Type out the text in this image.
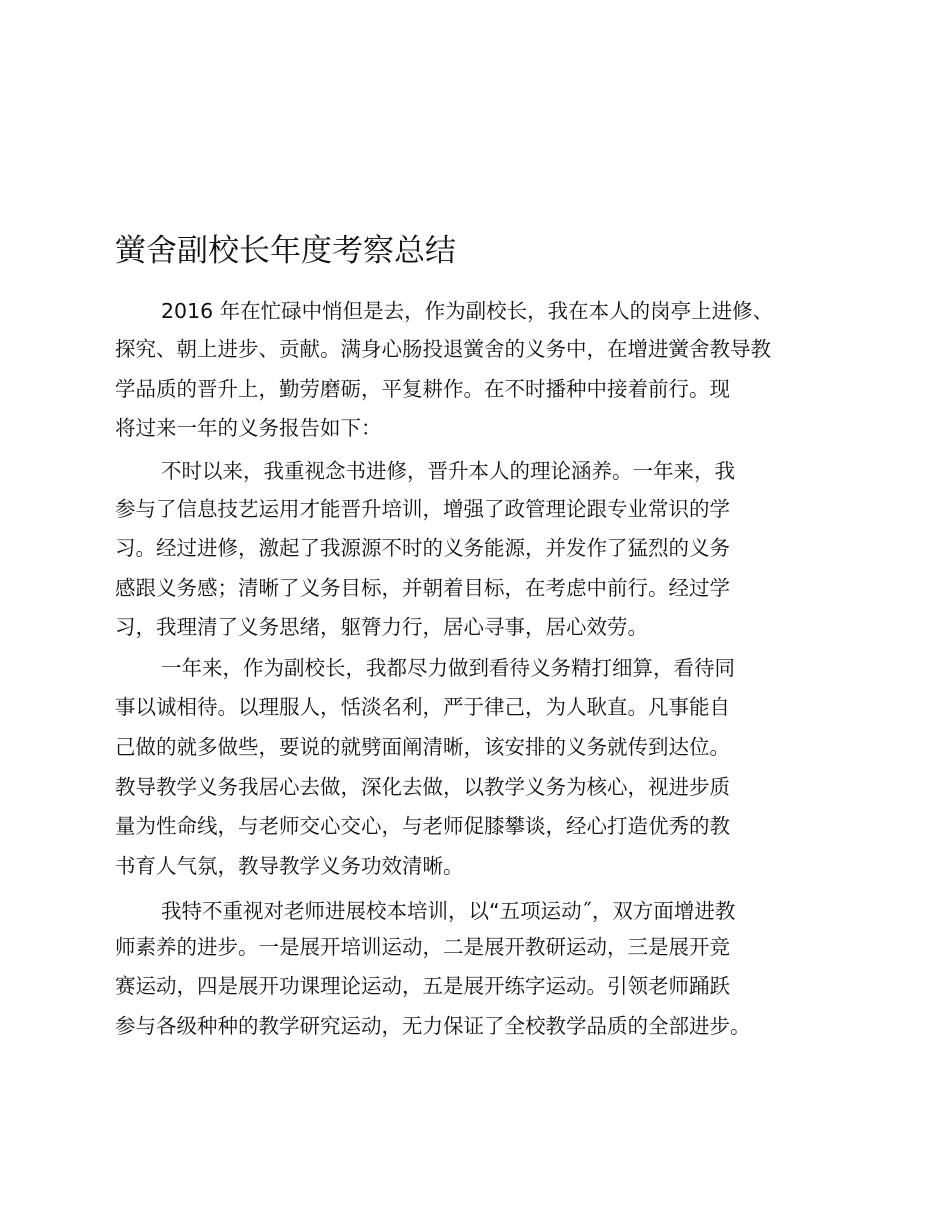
黉舍副校长年度考察总结

2016 年在忙碌中悄但是去，作为副校长，我在本人的岗亭上进修、

探究、朝上进步、贡献。满身心肠投退黉舍的义务中，在增进黉舍教导教

学品质的晋升上，勤劳磨砺，平复耕作。在不时播种中接着前行。现

将过来一年的义务报告如下：

不时以来，我重视念书进修，晋升本人的理论涵养。一年来，我

参与了信息技艺运用才能晋升培训，增强了政管理论跟专业常识的学

习。经过进修，激起了我源源不时的义务能源，并发作了猛烈的义务

感跟义务感；清晰了义务目标，并朝着目标，在考虑中前行。经过学

习，我理清了义务思绪，躯膂力行，居心寻事，居心效劳。

一年来，作为副校长，我都尽力做到看待义务精打细算，看待同

事以诚相待。以理服人，恬淡名利，严于律己，为人耿直。凡事能自

己做的就多做些，要说的就劈面阐清晰，该安排的义务就传到达位。

教导教学义务我居心去做，深化去做，以教学义务为核心，视进步质

量为性命线，与老师交心交心，与老师促膝攀谈，经心打造优秀的教

书育人气氛，教导教学义务功效清晰。

我特不重视对老师进展校本培训，以“五项运动˝，双方面增进教

师素养的进步。一是展开培训运动，二是展开教研运动，三是展开竞

赛运动，四是展开功课理论运动，五是展开练字运动。引领老师踊跃

参与各级种种的教学研究运动，无力保证了全校教学品质的全部进步。
